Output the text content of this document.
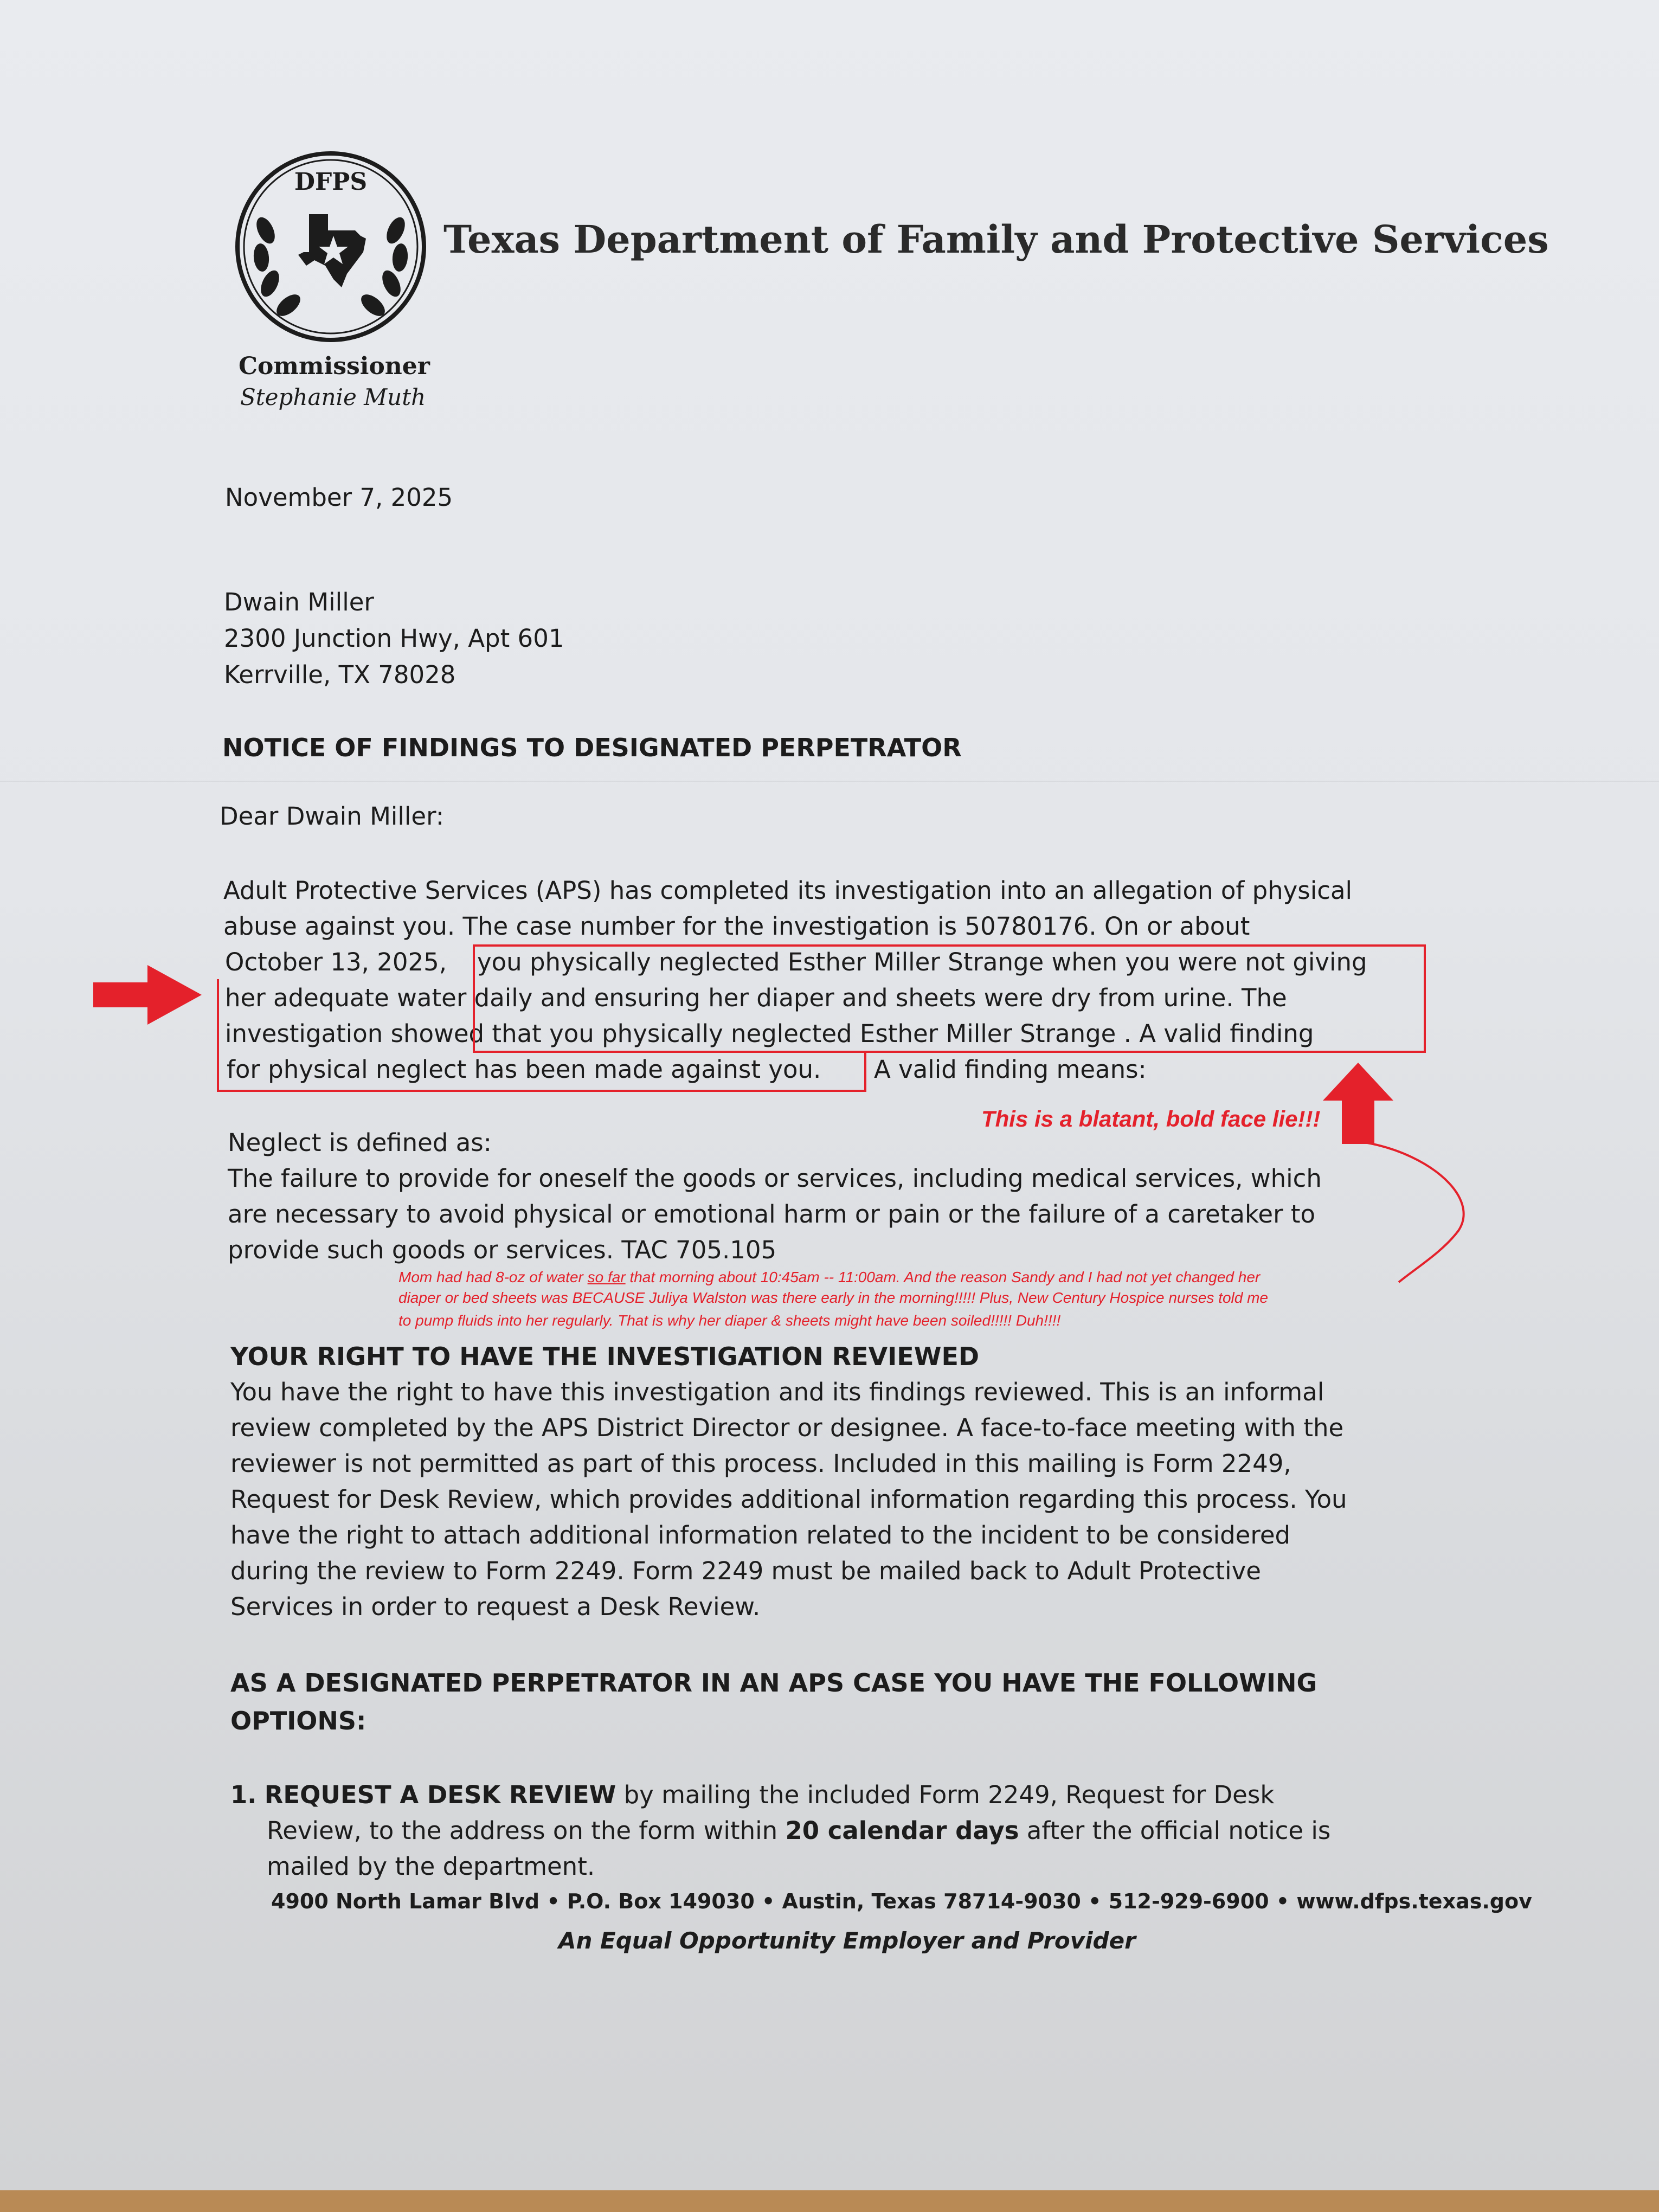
DFPS
Texas Department of Family and Protective Services
Commissioner
Stephanie Muth
November 7, 2025
Dwain Miller
2300 Junction Hwy, Apt 601
Kerrville, TX 78028
NOTICE OF FINDINGS TO DESIGNATED PERPETRATOR
Dear Dwain Miller:
Adult Protective Services (APS) has completed its investigation into an allegation of physical
abuse against you. The case number for the investigation is 50780176. On or about
October 13, 2025, you physically neglected Esther Miller Strange when you were not giving
her adequate water daily and ensuring her diaper and sheets were dry from urine. The
investigation showed that you physically neglected Esther Miller Strange . A valid finding
for physical neglect has been made against you. A valid finding means:
This is a blatant, bold face lie!!!
Neglect is defined as:
The failure to provide for oneself the goods or services, including medical services, which
are necessary to avoid physical or emotional harm or pain or the failure of a caretaker to
provide such goods or services. TAC 705.105
Mom had had 8-oz of water so far that morning about 10:45am -- 11:00am. And the reason Sandy and I had not yet changed her
diaper or bed sheets was BECAUSE Juliya Walston was there early in the morning!!!!! Plus, New Century Hospice nurses told me
to pump fluids into her regularly. That is why her diaper & sheets might have been soiled!!!!! Duh!!!!
YOUR RIGHT TO HAVE THE INVESTIGATION REVIEWED
You have the right to have this investigation and its findings reviewed. This is an informal
review completed by the APS District Director or designee. A face-to-face meeting with the
reviewer is not permitted as part of this process. Included in this mailing is Form 2249,
Request for Desk Review, which provides additional information regarding this process. You
have the right to attach additional information related to the incident to be considered
during the review to Form 2249. Form 2249 must be mailed back to Adult Protective
Services in order to request a Desk Review.
AS A DESIGNATED PERPETRATOR IN AN APS CASE YOU HAVE THE FOLLOWING
OPTIONS:
1. REQUEST A DESK REVIEW by mailing the included Form 2249, Request for Desk
Review, to the address on the form within 20 calendar days after the official notice is
mailed by the department.
4900 North Lamar Blvd • P.O. Box 149030 • Austin, Texas 78714-9030 • 512-929-6900 • www.dfps.texas.gov
An Equal Opportunity Employer and Provider
